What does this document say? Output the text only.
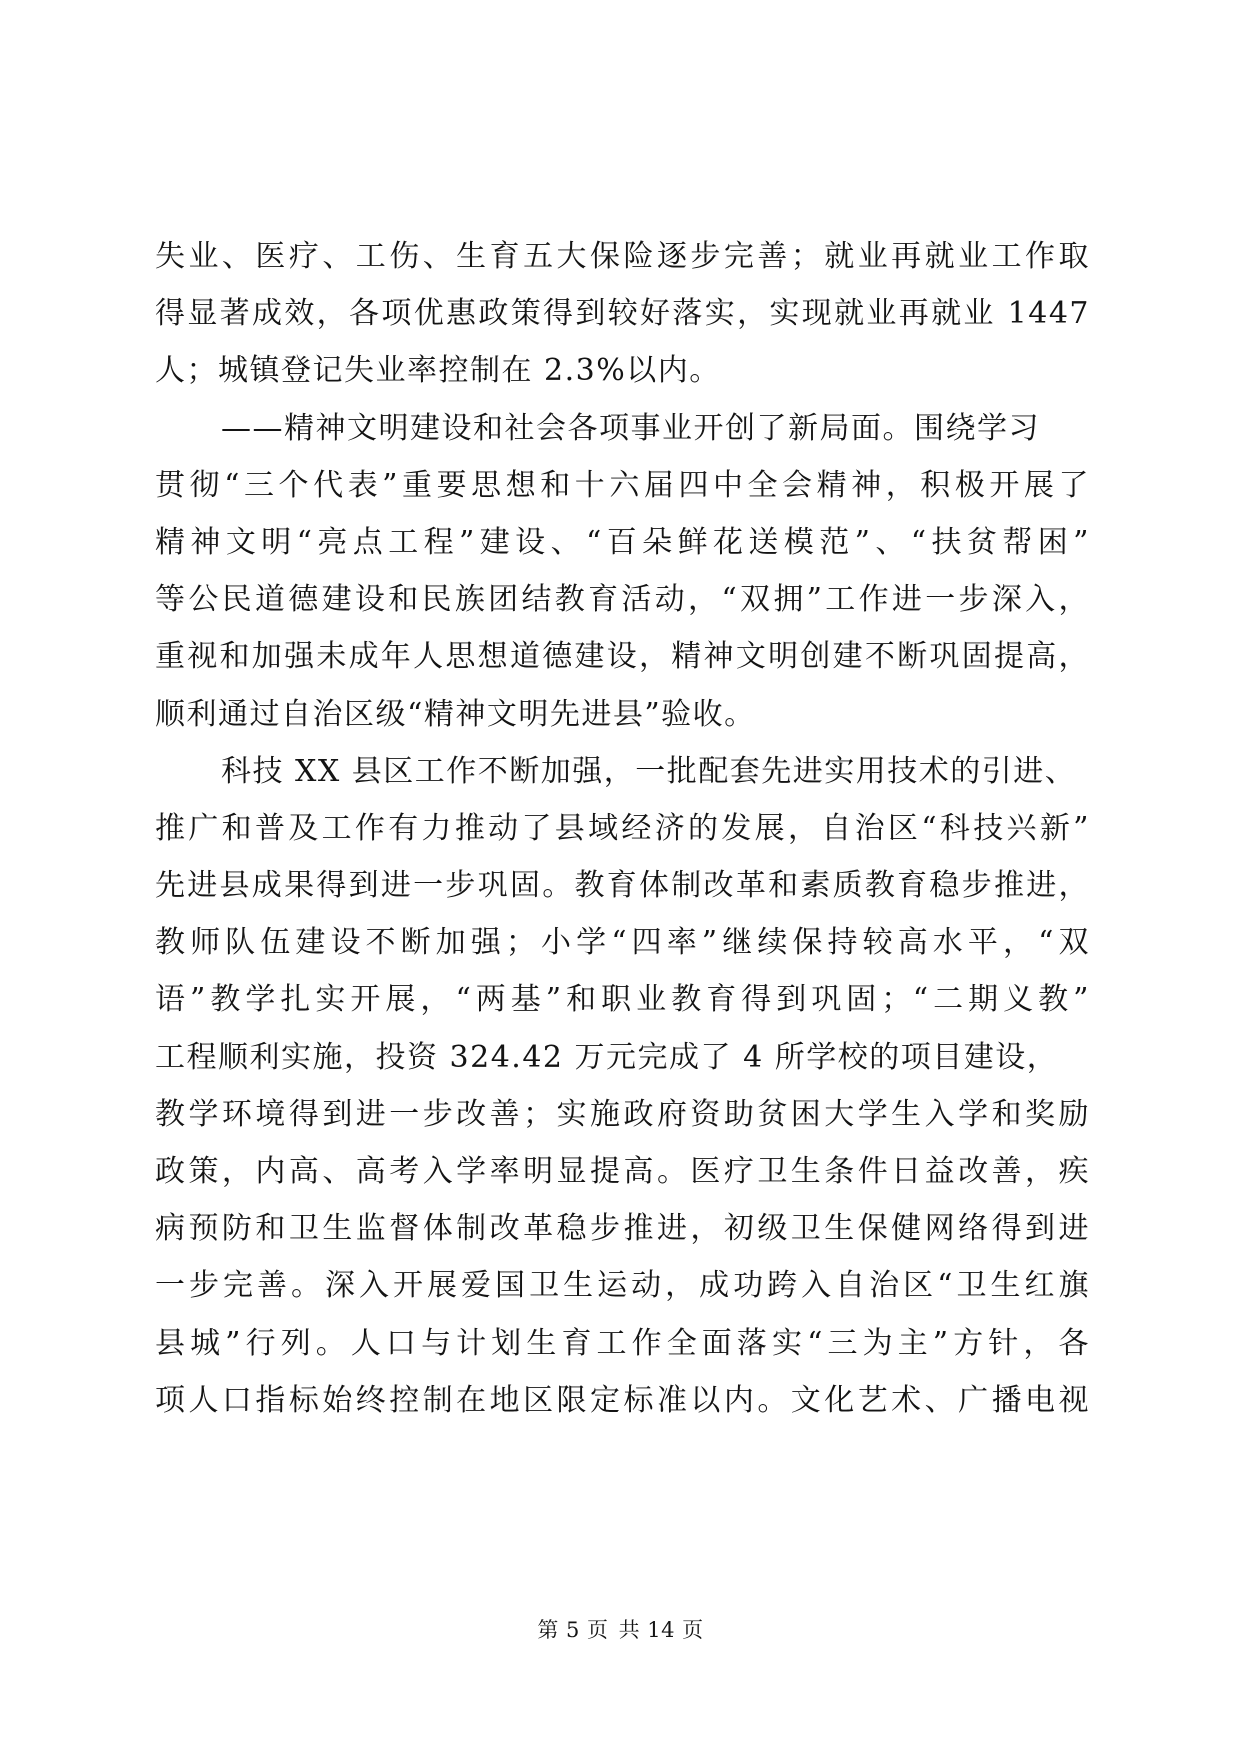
失业、医疗、工伤、生育五大保险逐步完善；就业再就业工作取
得显著成效，各项优惠政策得到较好落实，实现就业再就业 1447
人；城镇登记失业率控制在 2.3%以内。
——精神文明建设和社会各项事业开创了新局面。围绕学习
贯彻“三个代表”重要思想和十六届四中全会精神，积极开展了
精神文明“亮点工程”建设、“百朵鲜花送模范”、“扶贫帮困”
等公民道德建设和民族团结教育活动，“双拥”工作进一步深入，
重视和加强未成年人思想道德建设，精神文明创建不断巩固提高，
顺利通过自治区级“精神文明先进县”验收。
科技 XX 县区工作不断加强，一批配套先进实用技术的引进、
推广和普及工作有力推动了县域经济的发展，自治区“科技兴新”
先进县成果得到进一步巩固。教育体制改革和素质教育稳步推进，
教师队伍建设不断加强；小学“四率”继续保持较高水平，“双
语”教学扎实开展，“两基”和职业教育得到巩固；“二期义教”
工程顺利实施，投资 324.42 万元完成了 4 所学校的项目建设，
教学环境得到进一步改善；实施政府资助贫困大学生入学和奖励
政策，内高、高考入学率明显提高。医疗卫生条件日益改善，疾
病预防和卫生监督体制改革稳步推进，初级卫生保健网络得到进
一步完善。深入开展爱国卫生运动，成功跨入自治区“卫生红旗
县城”行列。人口与计划生育工作全面落实“三为主”方针，各
项人口指标始终控制在地区限定标准以内。文化艺术、广播电视
第 5 页 共 14 页
